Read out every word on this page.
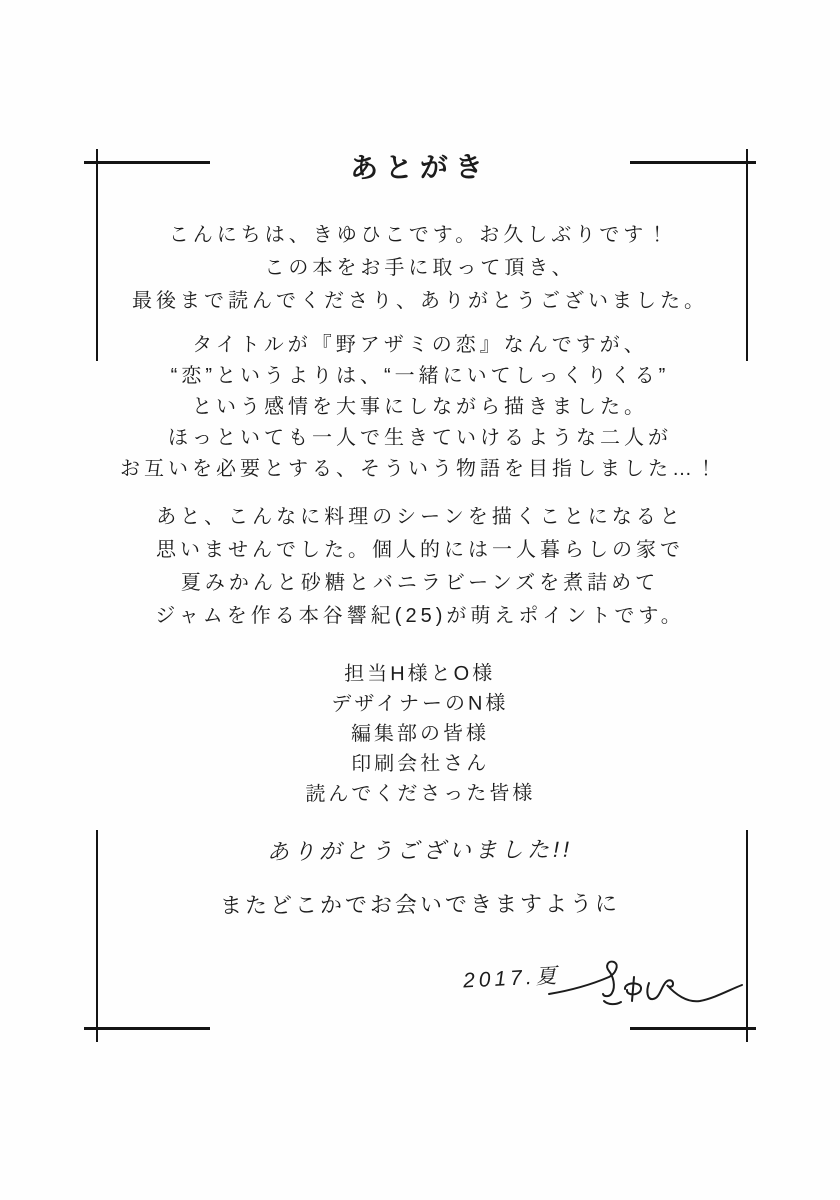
あとがき
こんにちは、きゆひこです。お久しぶりです！
この本をお手に取って頂き、
最後まで読んでくださり、ありがとうございました。
タイトルが『野アザミの恋』なんですが、
“恋”というよりは、“一緒にいてしっくりくる”
という感情を大事にしながら描きました。
ほっといても一人で生きていけるような二人が
お互いを必要とする、そういう物語を目指しました…！
あと、こんなに料理のシーンを描くことになると
思いませんでした。個人的には一人暮らしの家で
夏みかんと砂糖とバニラビーンズを煮詰めて
ジャムを作る本谷響紀(25)が萌えポイントです。
担当H様とO様
デザイナーのN様
編集部の皆様
印刷会社さん
読んでくださった皆様
ありがとうございました!!
またどこかでお会いできますように
2017.夏
